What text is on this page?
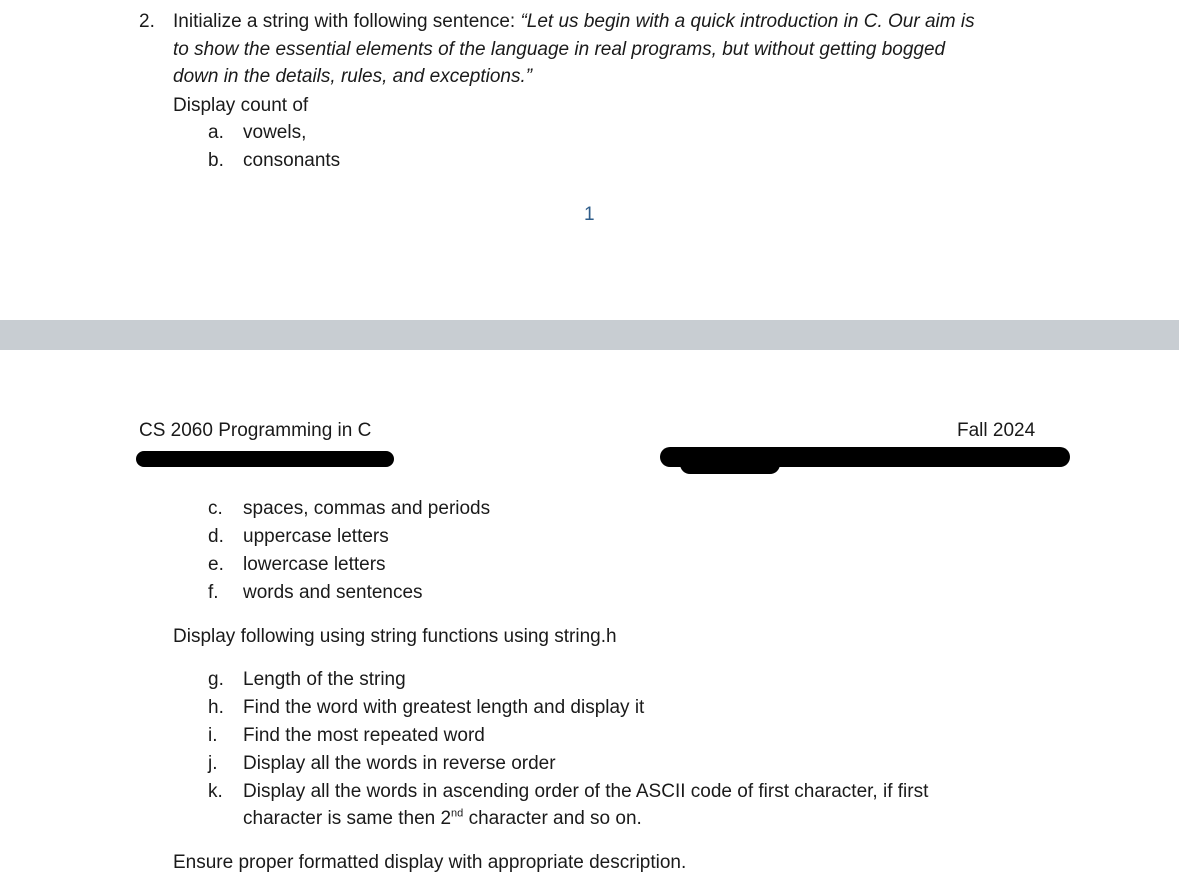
2. Initialize a string with following sentence: “Let us begin with a quick introduction in C. Our aim is
to show the essential elements of the language in real programs, but without getting bogged
down in the details, rules, and exceptions.”
Display count of
a. vowels,
b. consonants
1
CS 2060 Programming in C	Fall 2024
c. spaces, commas and periods
d. uppercase letters
e. lowercase letters
f. words and sentences
Display following using string functions using string.h
g. Length of the string
h. Find the word with greatest length and display it
i. Find the most repeated word
j. Display all the words in reverse order
k. Display all the words in ascending order of the ASCII code of first character, if first
character is same then 2nd character and so on.
Ensure proper formatted display with appropriate description.
